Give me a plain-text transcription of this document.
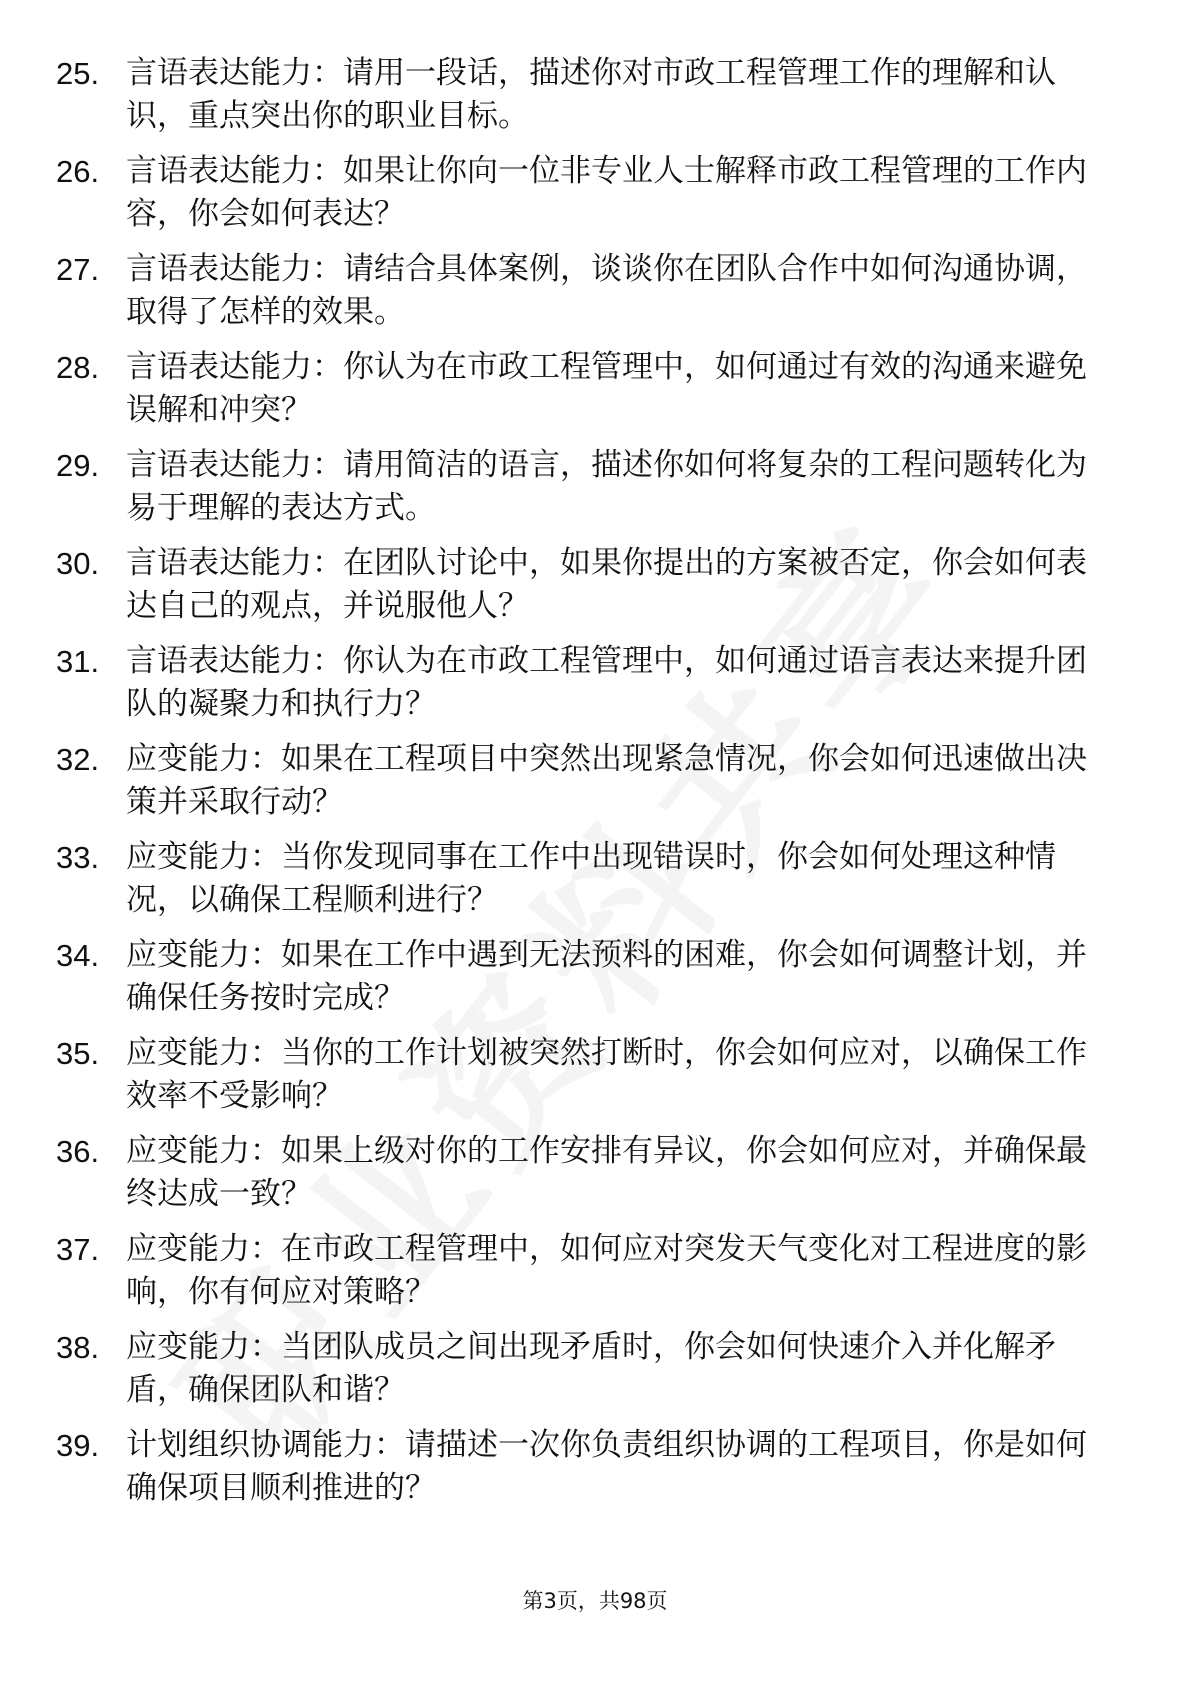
25. 言语表达能力：请用一段话，描述你对市政工程管理工作的理解和认识，重点突出你的职业目标。
26. 言语表达能力：如果让你向一位非专业人士解释市政工程管理的工作内容，你会如何表达？
27. 言语表达能力：请结合具体案例，谈谈你在团队合作中如何沟通协调，取得了怎样的效果。
28. 言语表达能力：你认为在市政工程管理中，如何通过有效的沟通来避免误解和冲突？
29. 言语表达能力：请用简洁的语言，描述你如何将复杂的工程问题转化为易于理解的表达方式。
30. 言语表达能力：在团队讨论中，如果你提出的方案被否定，你会如何表达自己的观点，并说服他人？
31. 言语表达能力：你认为在市政工程管理中，如何通过语言表达来提升团队的凝聚力和执行力？
32. 应变能力：如果在工程项目中突然出现紧急情况，你会如何迅速做出决策并采取行动？
33. 应变能力：当你发现同事在工作中出现错误时，你会如何处理这种情况，以确保工程顺利进行？
34. 应变能力：如果在工作中遇到无法预料的困难，你会如何调整计划，并确保任务按时完成？
35. 应变能力：当你的工作计划被突然打断时，你会如何应对，以确保工作效率不受影响？
36. 应变能力：如果上级对你的工作安排有异议，你会如何应对，并确保最终达成一致？
37. 应变能力：在市政工程管理中，如何应对突发天气变化对工程进度的影响，你有何应对策略？
38. 应变能力：当团队成员之间出现矛盾时，你会如何快速介入并化解矛盾，确保团队和谐？
39. 计划组织协调能力：请描述一次你负责组织协调的工程项目，你是如何确保项目顺利推进的？
第3页，共98页
